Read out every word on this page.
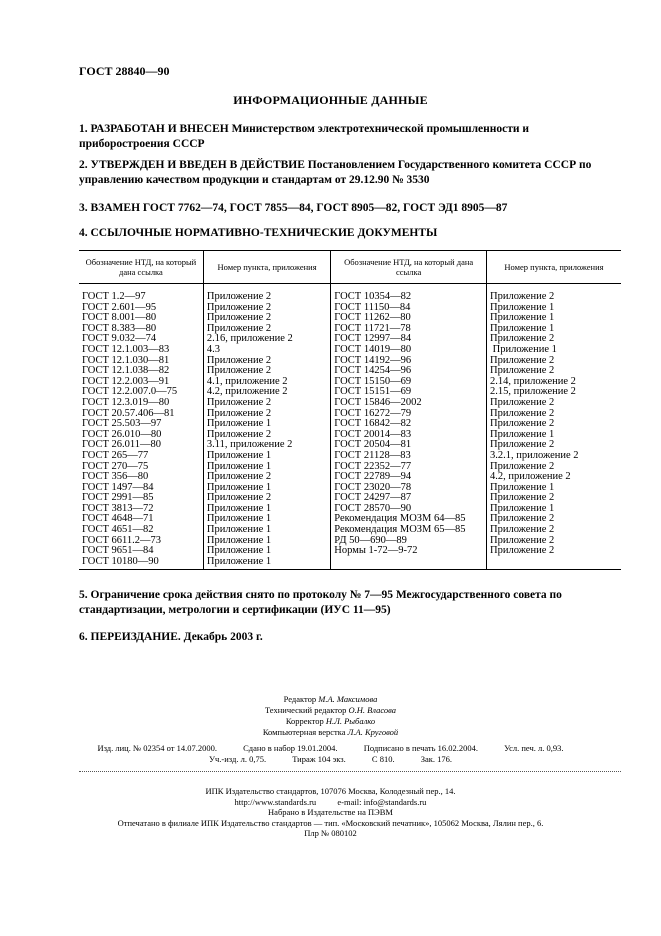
ГОСТ 28840—90
ИНФОРМАЦИОННЫЕ ДАННЫЕ
1. РАЗРАБОТАН И ВНЕСЕН Министерством электротехнической промышленности и приборостроения СССР
2. УТВЕРЖДЕН И ВВЕДЕН В ДЕЙСТВИЕ Постановлением Государственного комитета СССР по управлению качеством продукции и стандартам от 29.12.90 № 3530
3. ВЗАМЕН ГОСТ 7762—74, ГОСТ 7855—84, ГОСТ 8905—82, ГОСТ ЭД1 8905—87
4. ССЫЛОЧНЫЕ НОРМАТИВНО-ТЕХНИЧЕСКИЕ ДОКУМЕНТЫ
Обозначение НТД, на который дана ссылка	Номер пункта, приложения	Обозначение НТД, на который дана ссылка	Номер пункта, приложения
ГОСТ 1.2—97	Приложение 2	ГОСТ 10354—82	Приложение 2
ГОСТ 2.601—95	Приложение 2	ГОСТ 11150—84	Приложение 1
ГОСТ 8.001—80	Приложение 2	ГОСТ 11262—80	Приложение 1
ГОСТ 8.383—80	Приложение 2	ГОСТ 11721—78	Приложение 1
ГОСТ 9.032—74	2.16, приложение 2	ГОСТ 12997—84	Приложение 2
ГОСТ 12.1.003—83	4.3	ГОСТ 14019—80	Приложение 1
ГОСТ 12.1.030—81	Приложение 2	ГОСТ 14192—96	Приложение 2
ГОСТ 12.1.038—82	Приложение 2	ГОСТ 14254—96	Приложение 2
ГОСТ 12.2.003—91	4.1, приложение 2	ГОСТ 15150—69	2.14, приложение 2
ГОСТ 12.2.007.0—75	4.2, приложение 2	ГОСТ 15151—69	2.15, приложение 2
ГОСТ 12.3.019—80	Приложение 2	ГОСТ 15846—2002	Приложение 2
ГОСТ 20.57.406—81	Приложение 2	ГОСТ 16272—79	Приложение 2
ГОСТ 25.503—97	Приложение 1	ГОСТ 16842—82	Приложение 2
ГОСТ 26.010—80	Приложение 2	ГОСТ 20014—83	Приложение 1
ГОСТ 26.011—80	3.11, приложение 2	ГОСТ 20504—81	Приложение 2
ГОСТ 265—77	Приложение 1	ГОСТ 21128—83	3.2.1, приложение 2
ГОСТ 270—75	Приложение 1	ГОСТ 22352—77	Приложение 2
ГОСТ 356—80	Приложение 2	ГОСТ 22789—94	4.2, приложение 2
ГОСТ 1497—84	Приложение 1	ГОСТ 23020—78	Приложение 1
ГОСТ 2991—85	Приложение 2	ГОСТ 24297—87	Приложение 2
ГОСТ 3813—72	Приложение 1	ГОСТ 28570—90	Приложение 1
ГОСТ 4648—71	Приложение 1	Рекомендация МОЗМ 64—85	Приложение 2
ГОСТ 4651—82	Приложение 1	Рекомендация МОЗМ 65—85	Приложение 2
ГОСТ 6611.2—73	Приложение 1	РД 50—690—89	Приложение 2
ГОСТ 9651—84	Приложение 1	Нормы 1-72—9-72	Приложение 2
ГОСТ 10180—90	Приложение 1		
5. Ограничение срока действия снято по протоколу № 7—95 Межгосударственного совета по стандартизации, метрологии и сертификации (ИУС 11—95)
6. ПЕРЕИЗДАНИЕ. Декабрь 2003 г.
Редактор М.А. Максимова
Технический редактор О.Н. Власова
Корректор Н.Л. Рыбалко
Компьютерная верстка Л.А. Круговой
Изд. лиц. № 02354 от 14.07.2000.	Сдано в набор 19.01.2004.	Подписано в печать 16.02.2004.	Усл. печ. л. 0,93.
Уч.-изд. л. 0,75.	Тираж 104 экз.	С 810.	Зак. 176.
ИПК Издательство стандартов, 107076 Москва, Колодезный пер., 14.
http://www.standards.ru          e-mail: info@standards.ru
Набрано в Издательстве на ПЭВМ
Отпечатано в филиале ИПК Издательство стандартов — тип. «Московский печатник», 105062 Москва, Лялин пер., 6.
Плр № 080102
